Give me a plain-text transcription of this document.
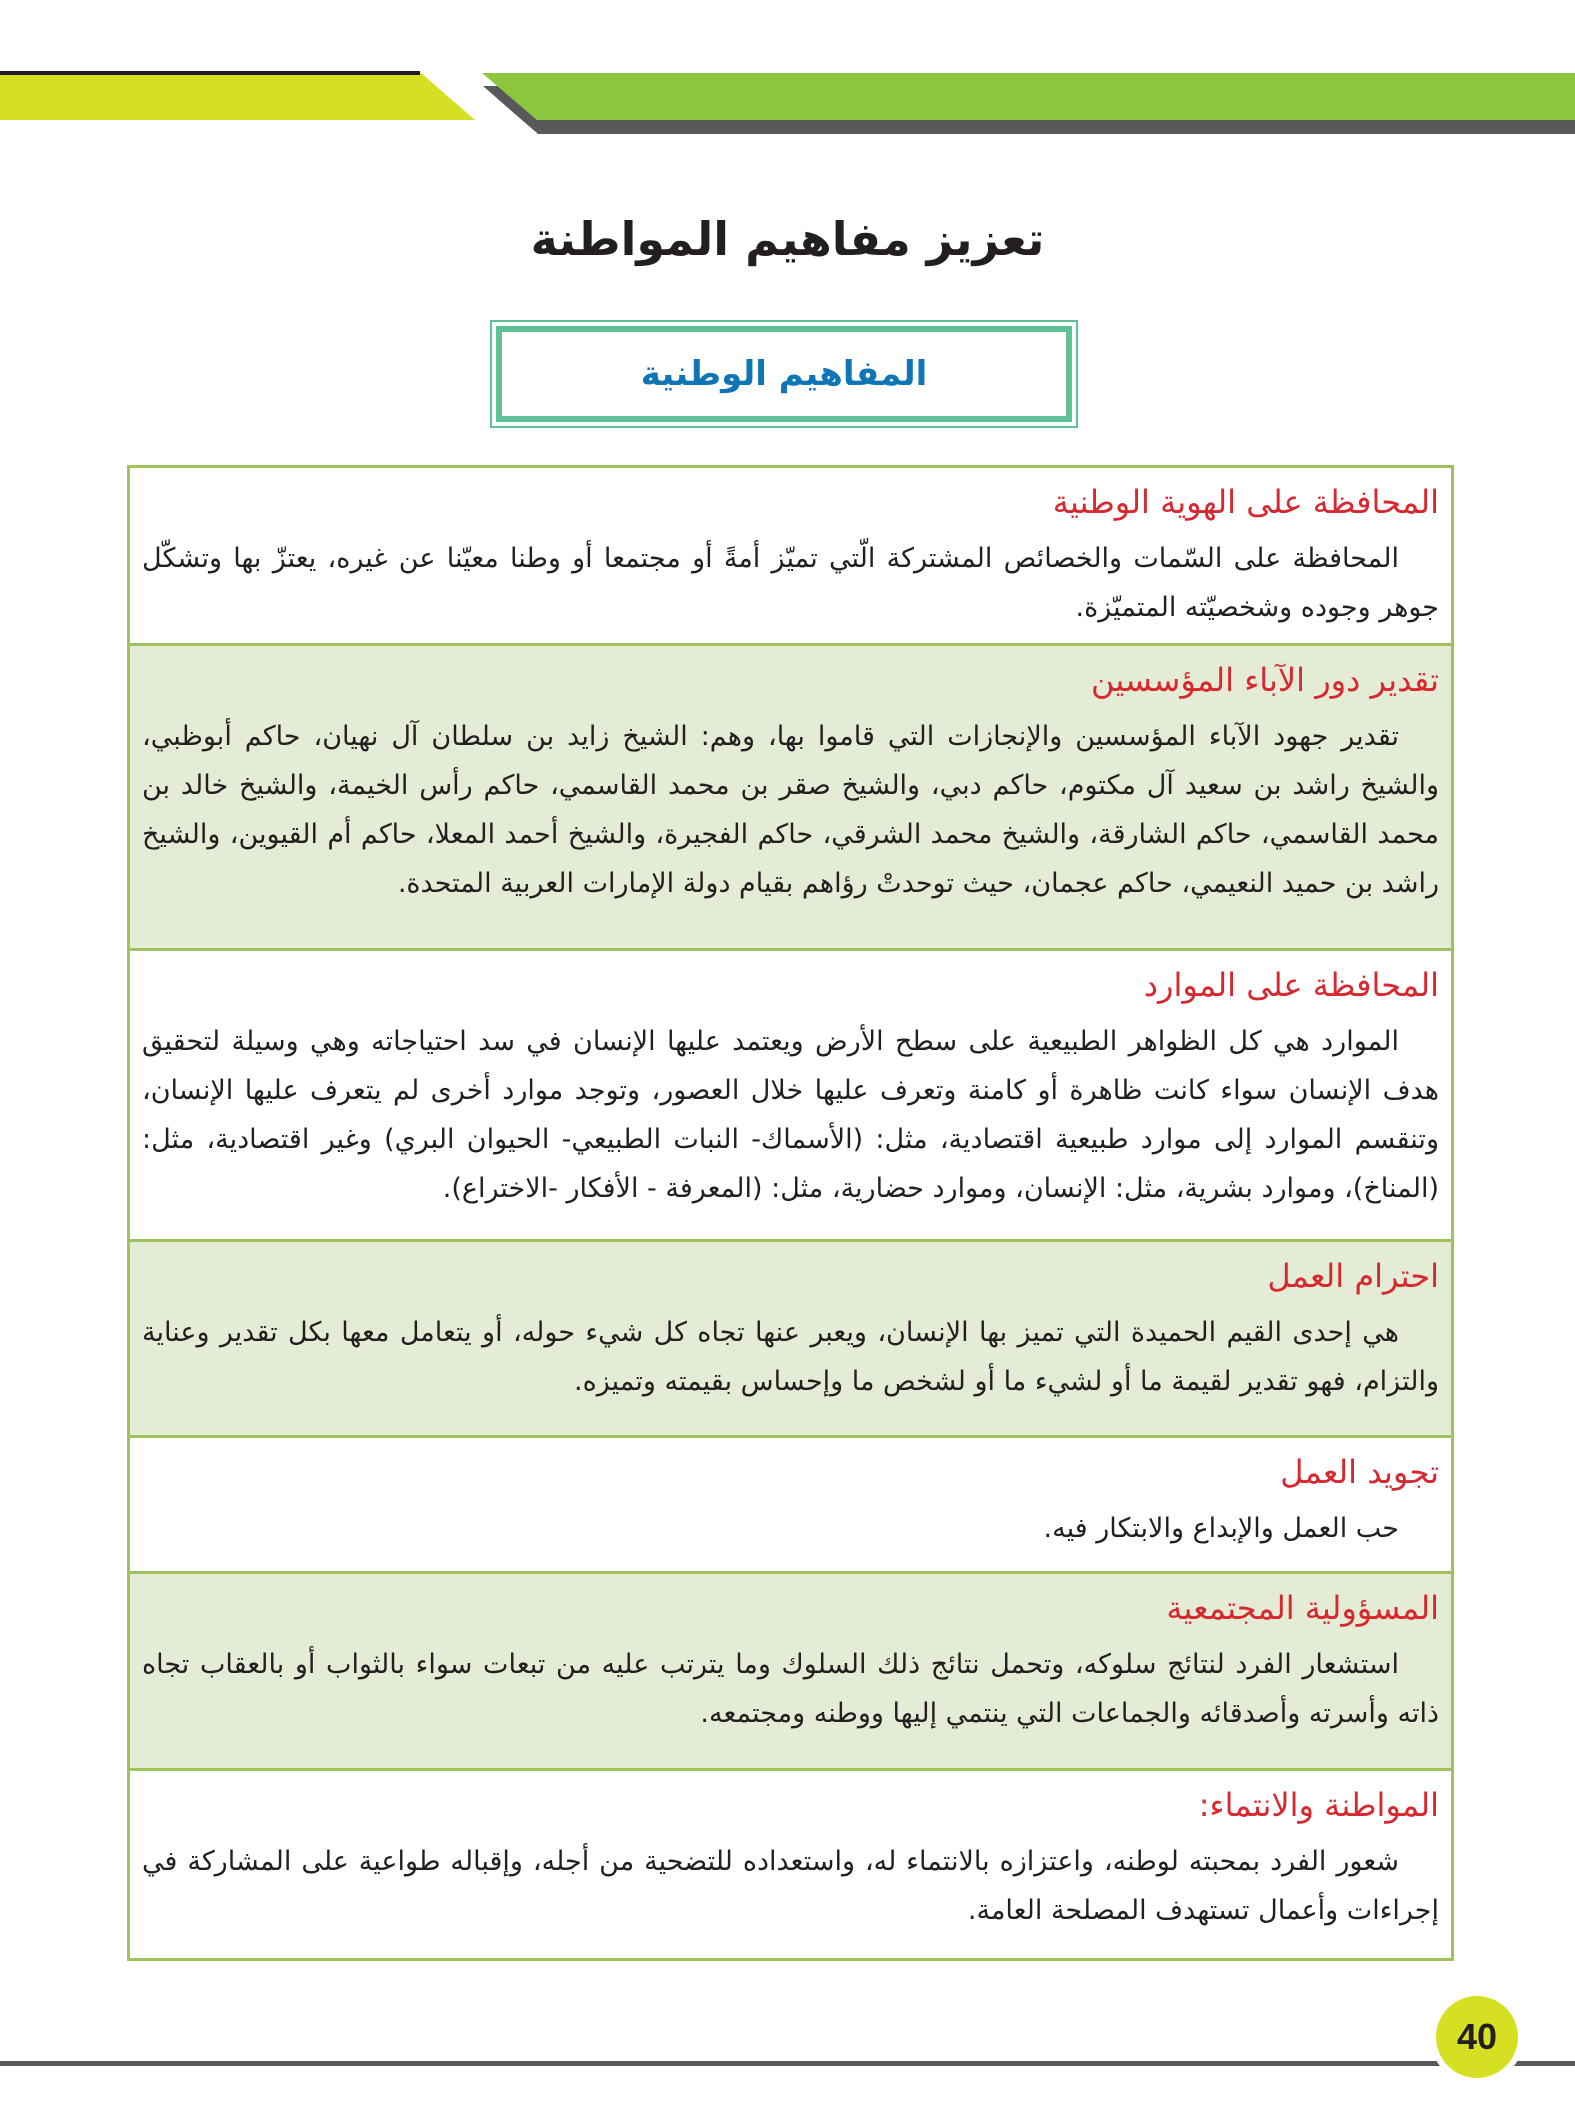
تعزيز مفاهيم المواطنة
المفاهيم الوطنية
المحافظة على الهوية الوطنية

المحافظة على السّمات والخصائص المشتركة الّتي تميّز أمةً أو مجتمعا أو وطنا معيّنا عن غيره، يعتزّ بها وتشكّل جوهر وجوده وشخصيّته المتميّزة.

تقدير دور الآباء المؤسسين

تقدير جهود الآباء المؤسسين والإنجازات التي قاموا بها، وهم: الشيخ زايد بن سلطان آل نهيان، حاكم أبوظبي، والشيخ راشد بن سعيد آل مكتوم، حاكم دبي، والشيخ صقر بن محمد القاسمي، حاكم رأس الخيمة، والشيخ خالد بن محمد القاسمي، حاكم الشارقة، والشيخ محمد الشرقي، حاكم الفجيرة، والشيخ أحمد المعلا، حاكم أم القيوين، والشيخ راشد بن حميد النعيمي، حاكم عجمان، حيث توحدتْ رؤاهم بقيام دولة الإمارات العربية المتحدة.

المحافظة على الموارد

الموارد هي كل الظواهر الطبيعية على سطح الأرض ويعتمد عليها الإنسان في سد احتياجاته وهي وسيلة لتحقيق هدف الإنسان سواء كانت ظاهرة أو كامنة وتعرف عليها خلال العصور، وتوجد موارد أخرى لم يتعرف عليها الإنسان، وتنقسم الموارد إلى موارد طبيعية اقتصادية، مثل: (الأسماك- النبات الطبيعي- الحيوان البري) وغير اقتصادية، مثل: (المناخ)، وموارد بشرية، مثل: الإنسان، وموارد حضارية، مثل: (المعرفة - الأفكار -الاختراع).

احترام العمل

هي إحدى القيم الحميدة التي تميز بها الإنسان، ويعبر عنها تجاه كل شيء حوله، أو يتعامل معها بكل تقدير وعناية والتزام، فهو تقدير لقيمة ما أو لشيء ما أو لشخص ما وإحساس بقيمته وتميزه.

تجويد العمل

حب العمل والإبداع والابتكار فيه.

المسؤولية المجتمعية

استشعار الفرد لنتائج سلوكه، وتحمل نتائج ذلك السلوك وما يترتب عليه من تبعات سواء بالثواب أو بالعقاب تجاه ذاته وأسرته وأصدقائه والجماعات التي ينتمي إليها ووطنه ومجتمعه.

المواطنة والانتماء:

شعور الفرد بمحبته لوطنه، واعتزازه بالانتماء له، واستعداده للتضحية من أجله، وإقباله طواعية على المشاركة في إجراءات وأعمال تستهدف المصلحة العامة.

40
